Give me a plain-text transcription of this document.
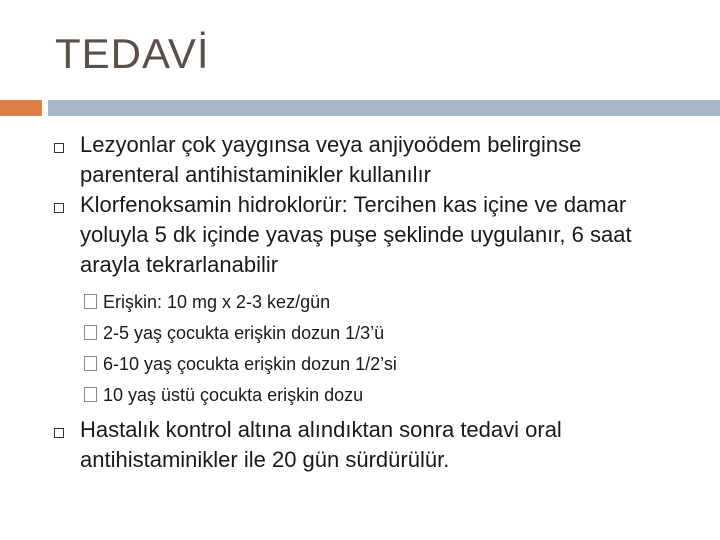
TEDAVİ
Lezyonlar çok yaygınsa veya anjiyoödem belirginse parenteral antihistaminikler kullanılır
Klorfenoksamin hidroklorür: Tercihen kas içine ve damar yoluyla 5 dk içinde yavaş puşe şeklinde uygulanır, 6 saat arayla tekrarlanabilir
Erişkin: 10 mg x 2-3 kez/gün
2-5 yaş çocukta erişkin dozun 1/3’ü
6-10 yaş çocukta erişkin dozun 1/2’si
10 yaş üstü çocukta erişkin dozu
Hastalık kontrol altına alındıktan sonra tedavi oral antihistaminikler ile 20 gün sürdürülür.
